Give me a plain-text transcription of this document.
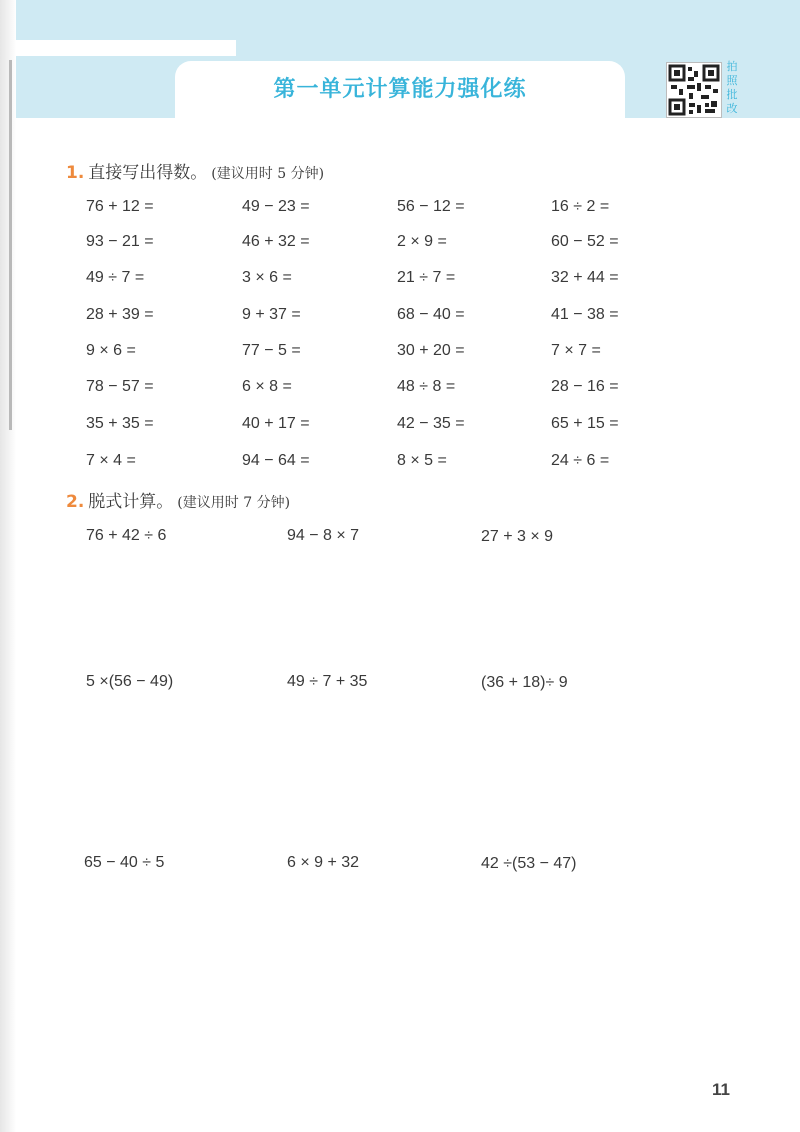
第一单元计算能力强化练
拍
照
批
改
1. 直接写出得数。 (建议用时 5 分钟)
76 + 12 =	49 − 23 =	56 − 12 =	16 ÷ 2 =
93 − 21 =	46 + 32 =	2 × 9 =	60 − 52 =
49 ÷ 7 =	3 × 6 =	21 ÷ 7 =	32 + 44 =
28 + 39 =	9 + 37 =	68 − 40 =	41 − 38 =
9 × 6 =	77 − 5 =	30 + 20 =	7 × 7 =
78 − 57 =	6 × 8 =	48 ÷ 8 =	28 − 16 =
35 + 35 =	40 + 17 =	42 − 35 =	65 + 15 =
7 × 4 =	94 − 64 =	8 × 5 =	24 ÷ 6 =
2. 脱式计算。 (建议用时 7 分钟)
76 + 42 ÷ 6	94 − 8 × 7	27 + 3 × 9
5 ×(56 − 49)	49 ÷ 7 + 35	(36 + 18)÷ 9
65 − 40 ÷ 5	6 × 9 + 32	42 ÷(53 − 47)
11
